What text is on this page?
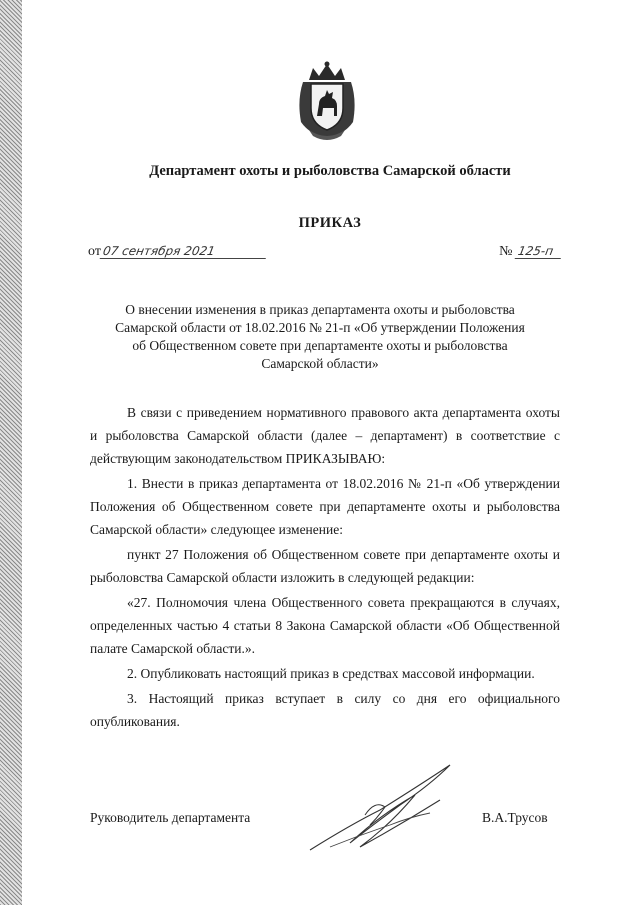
Департамент охоты и рыболовства Самарской области
ПРИКАЗ
от07 сентября 2021	№ 125-п
О внесении изменения в приказ департамента охоты и рыболовства
Самарской области от 18.02.2016 № 21-п «Об утверждении Положения
об Общественном совете при департаменте охоты и рыболовства
Самарской области»

В связи с приведением нормативного правового акта департамента охоты и рыболовства Самарской области (далее – департамент) в соответствие с действующим законодательством ПРИКАЗЫВАЮ:

1. Внести в приказ департамента от 18.02.2016 № 21-п «Об утверждении Положения об Общественном совете при департаменте охоты и рыболовства Самарской области» следующее изменение:

пункт 27 Положения об Общественном совете при департаменте охоты и рыболовства Самарской области изложить в следующей редакции:

«27. Полномочия члена Общественного совета прекращаются в случаях, определенных частью 4 статьи 8 Закона Самарской области «Об Общественной палате Самарской области.».

2. Опубликовать настоящий приказ в средствах массовой информации.

3. Настоящий приказ вступает в силу со дня его официального опубликования.

Руководитель департамента	В.А.Трусов
